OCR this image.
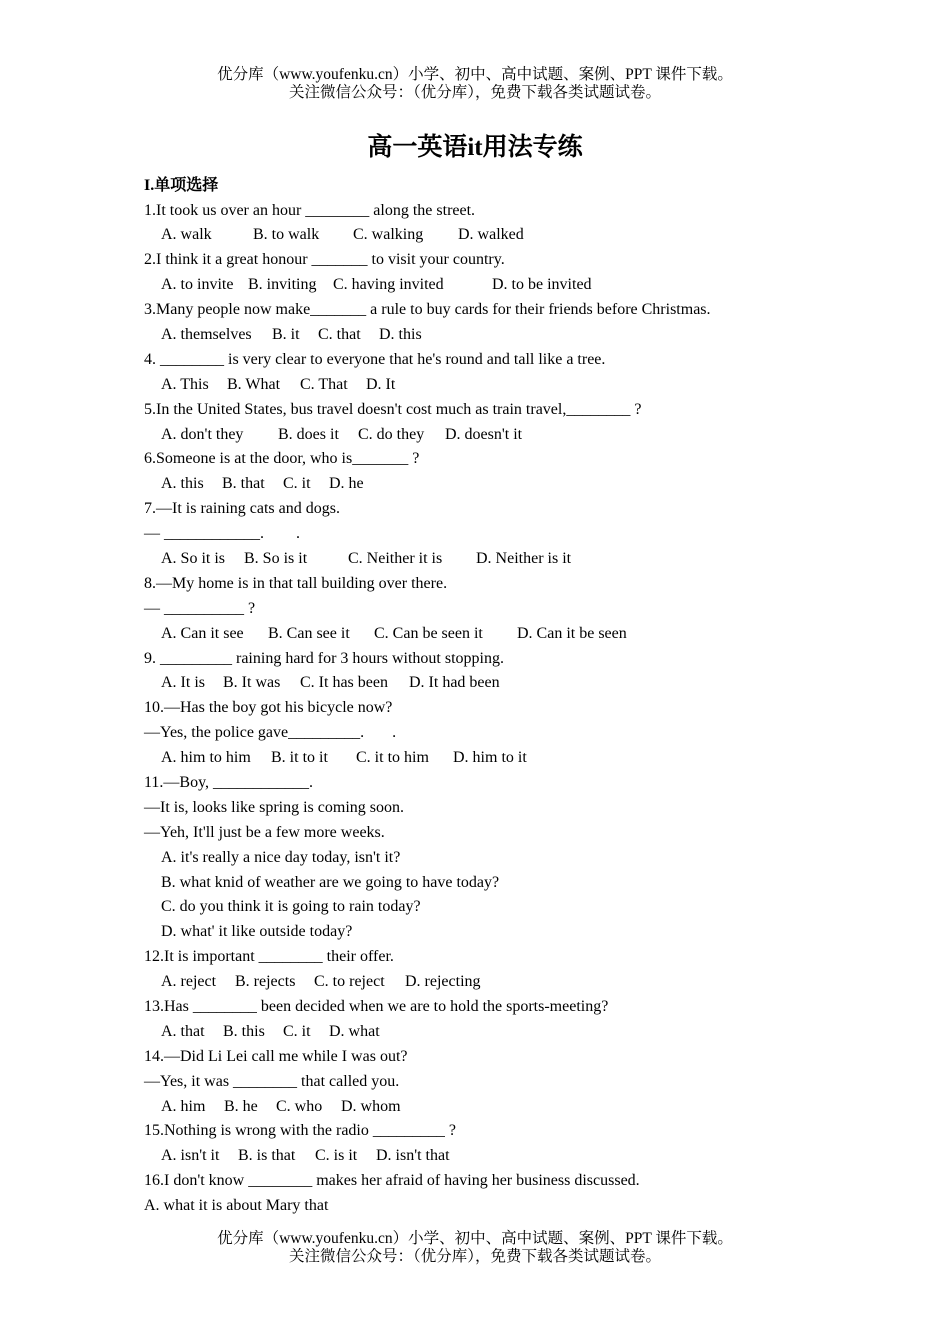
优分库（www.youfenku.cn）小学、初中、高中试题、案例、PPT 课件下载。
关注微信公众号：（优分库），免费下载各类试题试卷。
高一英语it用法专练
I.单项选择
1.It took us over an hour ________ along the street.

A. walk

	B. to walk

C. walking

D. walked

2.I think it a great honour _______ to visit your country.

A. to invite

B. inviting

C. having invited

	D. to be invited

3.Many people now make_______ a rule to buy cards for their friends before Christmas.

A. themselves

B. it

C. that

D. this

4. ________ is very clear to everyone that he's round and tall like a tree.

A. This

B. What

C. That

D. It

5.In the United States, bus travel doesn't cost much as train travel,________ ?

A. don't they

B. does it

C. do they

D. doesn't it

6.Someone is at the door, who is_______ ?

A. this

B. that

C. it

D. he

7.—It is raining cats and dogs.
— ____________.        .

A. So it is

B. So is it

	C. Neither it is

D. Neither is it

8.—My home is in that tall building over there.
— __________ ?

A. Can it see

B. Can see it

C. Can be seen it

D. Can it be seen

9. _________ raining hard for 3 hours without stopping.

A. It is

B. It was

C. It has been

D. It had been

10.—Has the boy got his bicycle now?
—Yes, the police gave_________.       .

A. him to him

B. it to it

C. it to him

D. him to it

11.—Boy, ____________.
—It is, looks like spring is coming soon.
—Yeh, It'll just be a few more weeks.
A. it's really a nice day today, isn't it?
B. what knid of weather are we going to have today?
C. do you think it is going to rain today?
D. what' it like outside today?
12.It is important ________ their offer.

A. reject

B. rejects

C. to reject

D. rejecting

13.Has ________ been decided when we are to hold the sports-meeting?

A. that

B. this

C. it

D. what

14.—Did Li Lei call me while I was out?
—Yes, it was ________ that called you.

A. him

B. he

C. who

D. whom

15.Nothing is wrong with the radio _________ ?

A. isn't it

B. is that

C. is it

D. isn't that

16.I don't know ________ makes her afraid of having her business discussed.
A. what it is about Mary that
优分库（www.youfenku.cn）小学、初中、高中试题、案例、PPT 课件下载。
关注微信公众号：（优分库），免费下载各类试题试卷。
